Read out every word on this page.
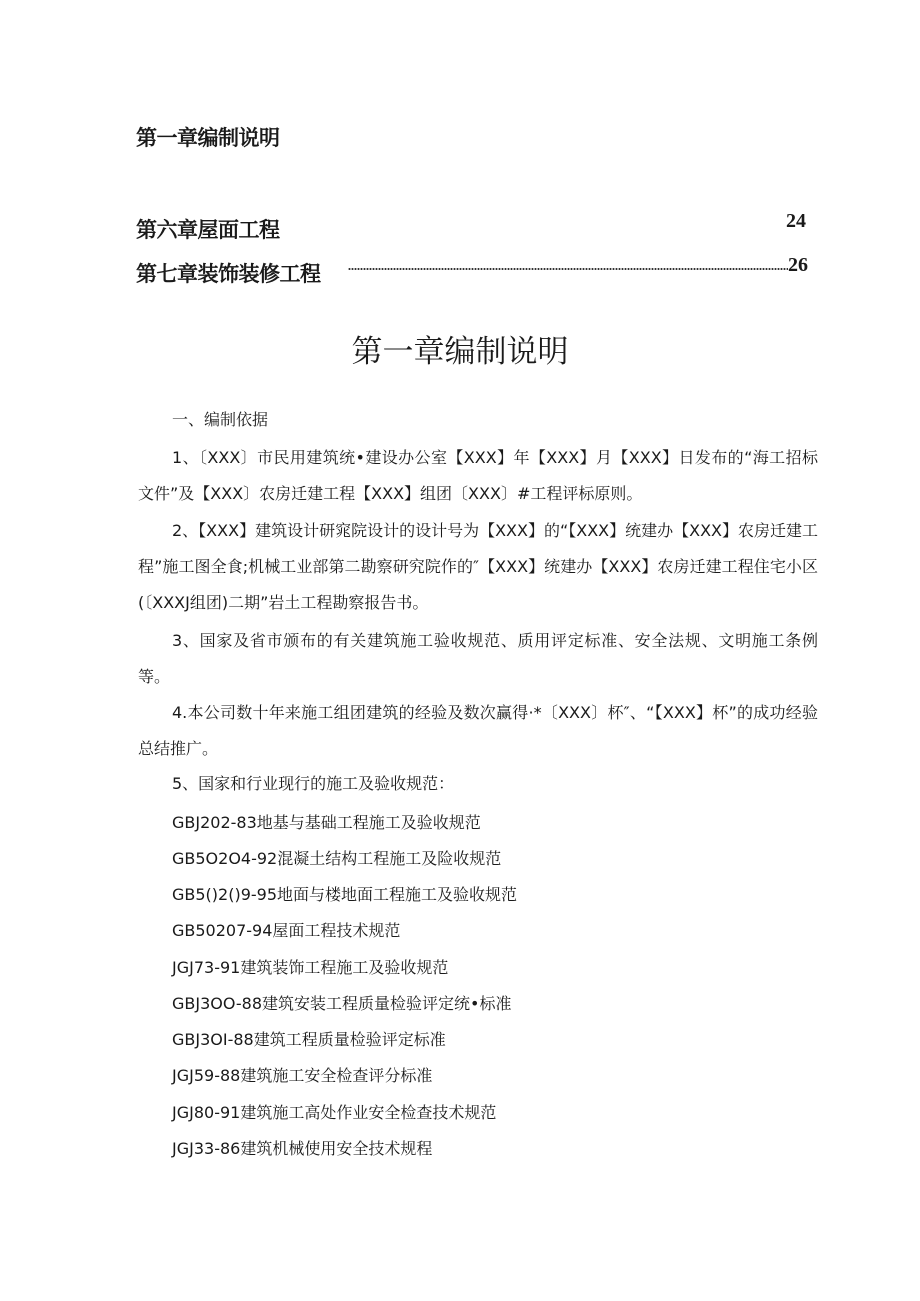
第一章编制说明
第六章屋面工程	24
第七章装饰装修工程	26
第一章编制说明
一、编制依据
1、〔XXX〕市民用建筑统•建设办公室【XXX】年【XXX】月【XXX】日发布的“海工招标文件”及【XXX〕农房迁建工程【XXX】组团〔XXX〕#工程评标原则。
2、【XXX】建筑设计研窕院设计的设计号为【XXX】的“【XXX】统建办【XXX】农房迁建工程”施工图全食;机械工业部第二勘察研究院作的″【XXX】统建办【XXX】农房迁建工程住宅小区(〔XXXJ组团)二期”岩土工程勘察报告书。
3、国家及省市颁布的有关建筑施工验收规范、质用评定标准、安全法规、文明施工条例等。
4.本公司数十年来施工组团建筑的经验及数次赢得·*〔XXX〕杯″、“【XXX】杯”的成功经验总结推广。
5、国家和行业现行的施工及验收规范：
GBJ202-83地基与基础工程施工及验收规范
GB5O2O4-92混凝土结构工程施工及险收规范
GB5()2()9-95地面与楼地面工程施工及验收规范
GB50207-94屋面工程技术规范
JGJ73-91建筑装饰工程施工及验收规范
GBJ3OO-88建筑安装工程质量检验评定统•标准
GBJ3OI-88建筑工程质量检验评定标准
JGJ59-88建筑施工安全检查评分标准
JGJ80-91建筑施工高处作业安全检查技术规范
JGJ33-86建筑机械使用安全技术规程
